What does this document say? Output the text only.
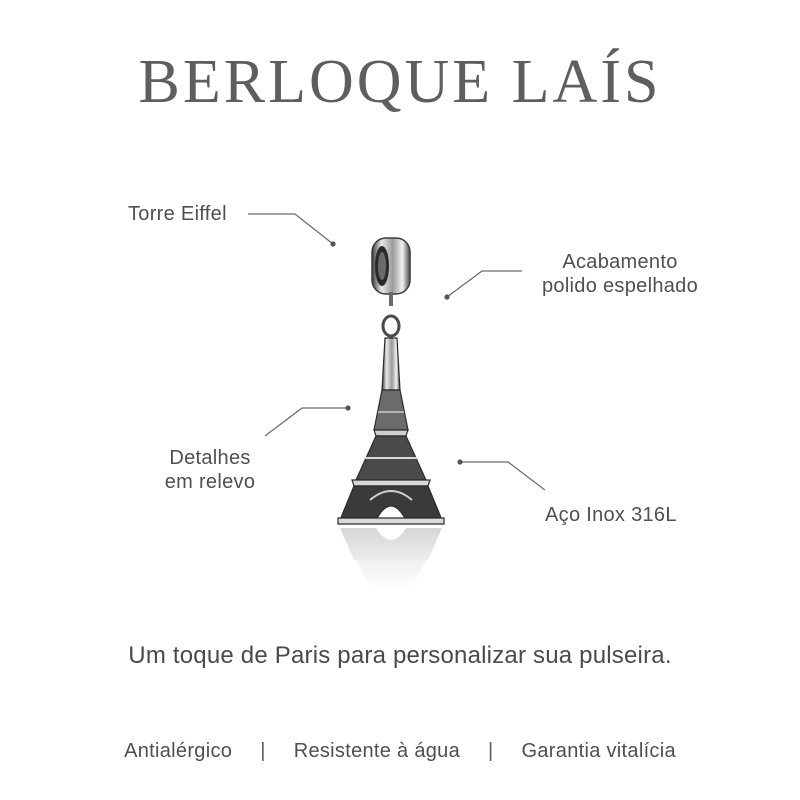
BERLOQUE LAÍS
Torre Eiffel
Acabamento
polido espelhado
Detalhes
em relevo
Aço Inox 316L
Um toque de Paris para personalizar sua pulseira.
Antialérgico | Resistente à água | Garantia vitalícia
